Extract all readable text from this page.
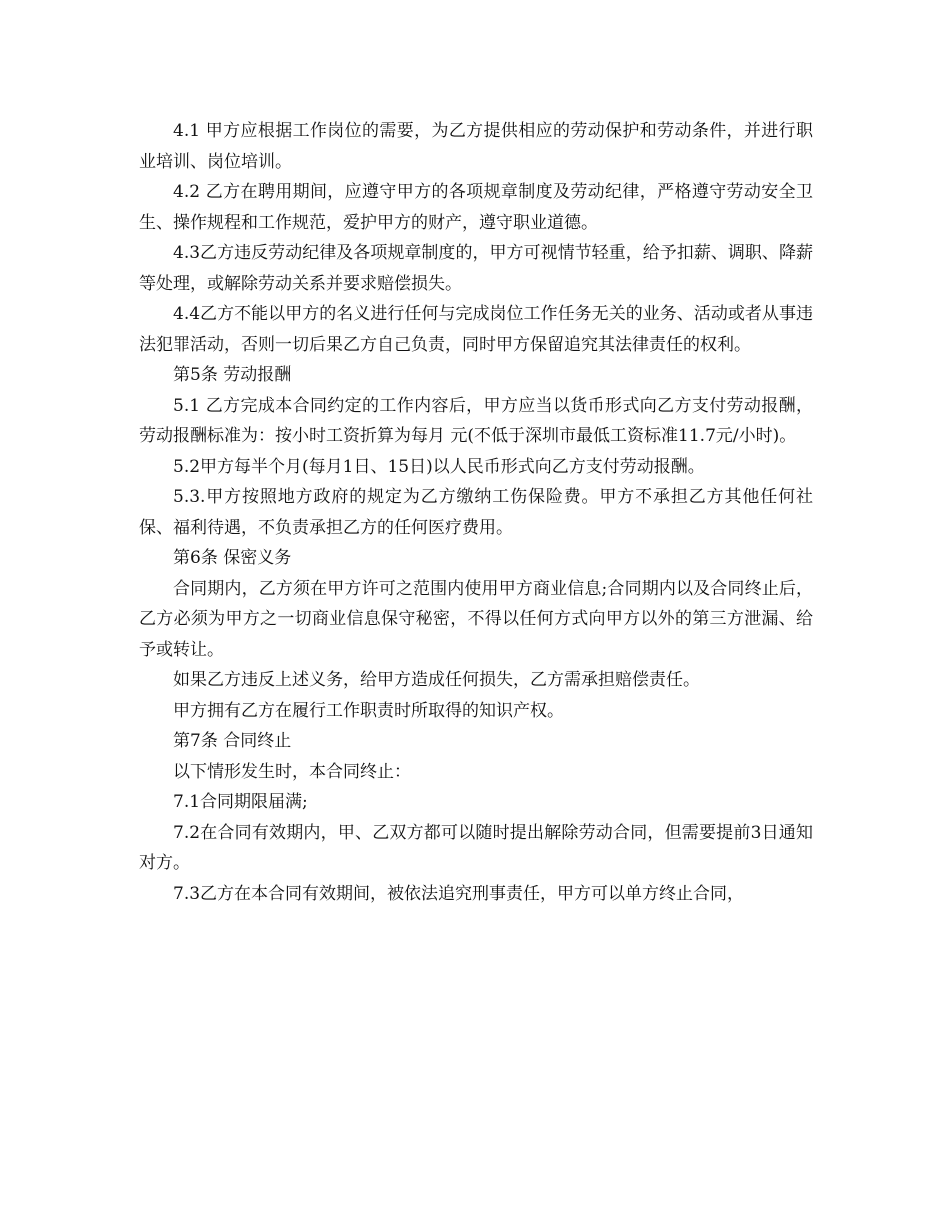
4.1 甲方应根据工作岗位的需要，为乙方提供相应的劳动保护和劳动条件，并进行职业培训、岗位培训。

4.2 乙方在聘用期间，应遵守甲方的各项规章制度及劳动纪律，严格遵守劳动安全卫生、操作规程和工作规范，爱护甲方的财产，遵守职业道德。

4.3乙方违反劳动纪律及各项规章制度的，甲方可视情节轻重，给予扣薪、调职、降薪等处理，或解除劳动关系并要求赔偿损失。

4.4乙方不能以甲方的名义进行任何与完成岗位工作任务无关的业务、活动或者从事违法犯罪活动，否则一切后果乙方自己负责，同时甲方保留追究其法律责任的权利。

第5条 劳动报酬

5.1 乙方完成本合同约定的工作内容后，甲方应当以货币形式向乙方支付劳动报酬，劳动报酬标准为：按小时工资折算为每月 元(不低于深圳市最低工资标准11.7元/小时)。

5.2甲方每半个月(每月1日、15日)以人民币形式向乙方支付劳动报酬。

5.3.甲方按照地方政府的规定为乙方缴纳工伤保险费。甲方不承担乙方其他任何社保、福利待遇，不负责承担乙方的任何医疗费用。

第6条 保密义务

合同期内，乙方须在甲方许可之范围内使用甲方商业信息;合同期内以及合同终止后，乙方必须为甲方之一切商业信息保守秘密，不得以任何方式向甲方以外的第三方泄漏、给予或转让。

如果乙方违反上述义务，给甲方造成任何损失，乙方需承担赔偿责任。

甲方拥有乙方在履行工作职责时所取得的知识产权。

第7条 合同终止

以下情形发生时，本合同终止：

7.1合同期限届满;

7.2在合同有效期内，甲、乙双方都可以随时提出解除劳动合同，但需要提前3日通知对方。

7.3乙方在本合同有效期间，被依法追究刑事责任，甲方可以单方终止合同，
